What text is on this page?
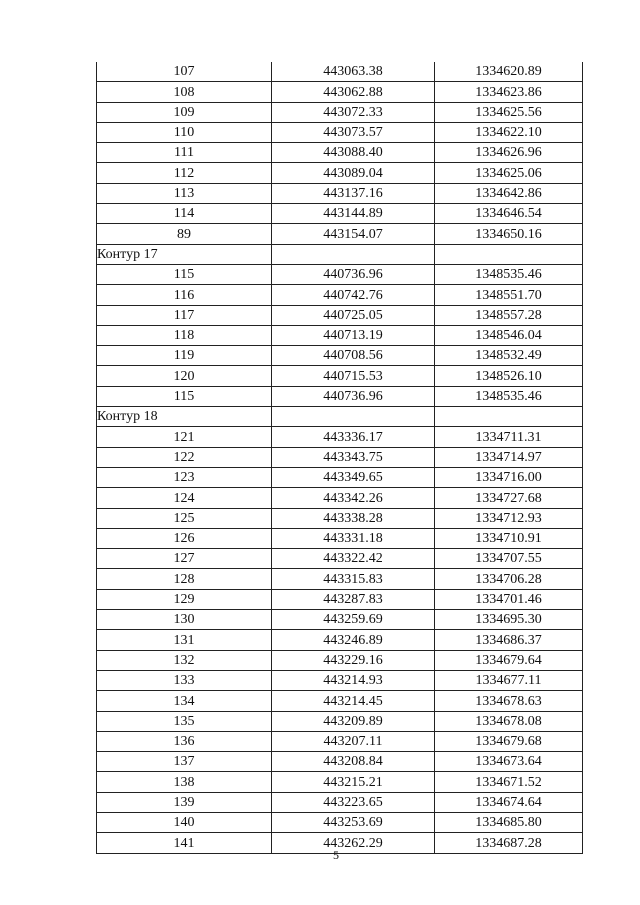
107	443063.38	1334620.89
108	443062.88	1334623.86
109	443072.33	1334625.56
110	443073.57	1334622.10
111	443088.40	1334626.96
112	443089.04	1334625.06
113	443137.16	1334642.86
114	443144.89	1334646.54
89	443154.07	1334650.16
Контур 17		
115	440736.96	1348535.46
116	440742.76	1348551.70
117	440725.05	1348557.28
118	440713.19	1348546.04
119	440708.56	1348532.49
120	440715.53	1348526.10
115	440736.96	1348535.46
Контур 18		
121	443336.17	1334711.31
122	443343.75	1334714.97
123	443349.65	1334716.00
124	443342.26	1334727.68
125	443338.28	1334712.93
126	443331.18	1334710.91
127	443322.42	1334707.55
128	443315.83	1334706.28
129	443287.83	1334701.46
130	443259.69	1334695.30
131	443246.89	1334686.37
132	443229.16	1334679.64
133	443214.93	1334677.11
134	443214.45	1334678.63
135	443209.89	1334678.08
136	443207.11	1334679.68
137	443208.84	1334673.64
138	443215.21	1334671.52
139	443223.65	1334674.64
140	443253.69	1334685.80
141	443262.29	1334687.28
5
